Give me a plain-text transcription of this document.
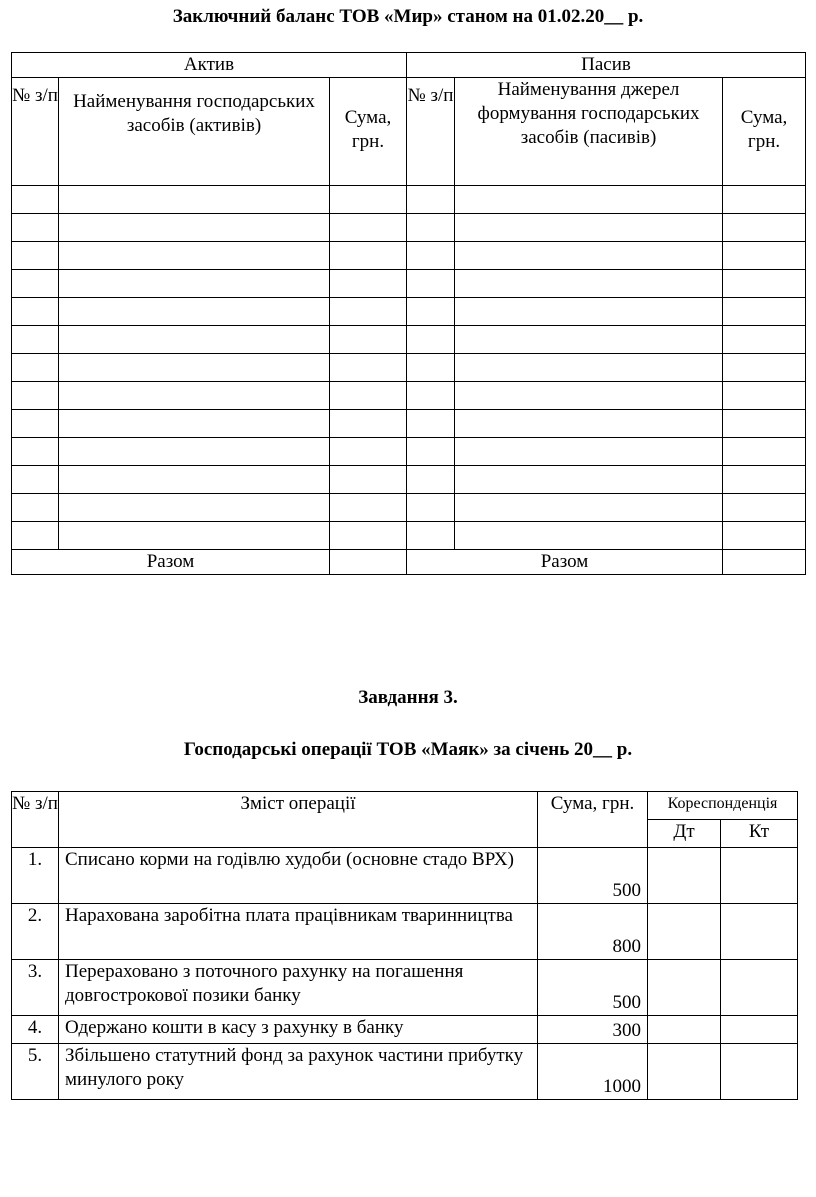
Заключний баланс ТОВ «Мир» станом на 01.02.20__ р.
Актив			Пасив		
№ з/п	Найменування господарських засобів (активів)	Сума, грн.	№ з/п	Найменування джерел формування господарських засобів (пасивів)	Сума, грн.

Разом			Разом		
Завдання 3.
Господарські операції ТОВ «Маяк» за січень 20__ р.
№ з/п	Зміст операції	Сума, грн.	Кореспонденція	
			Дт	Кт
1.	Списано корми на годівлю худоби (основне стадо ВРХ)	500		
2.	Нарахована заробітна плата працівникам тваринництва	800		
3.	Перераховано з поточного рахунку на погашення довгострокової позики банку	500		
4.	Одержано кошти в касу з рахунку в банку	300		
5.	Збільшено статутний фонд за рахунок частини прибутку минулого року	1000		
